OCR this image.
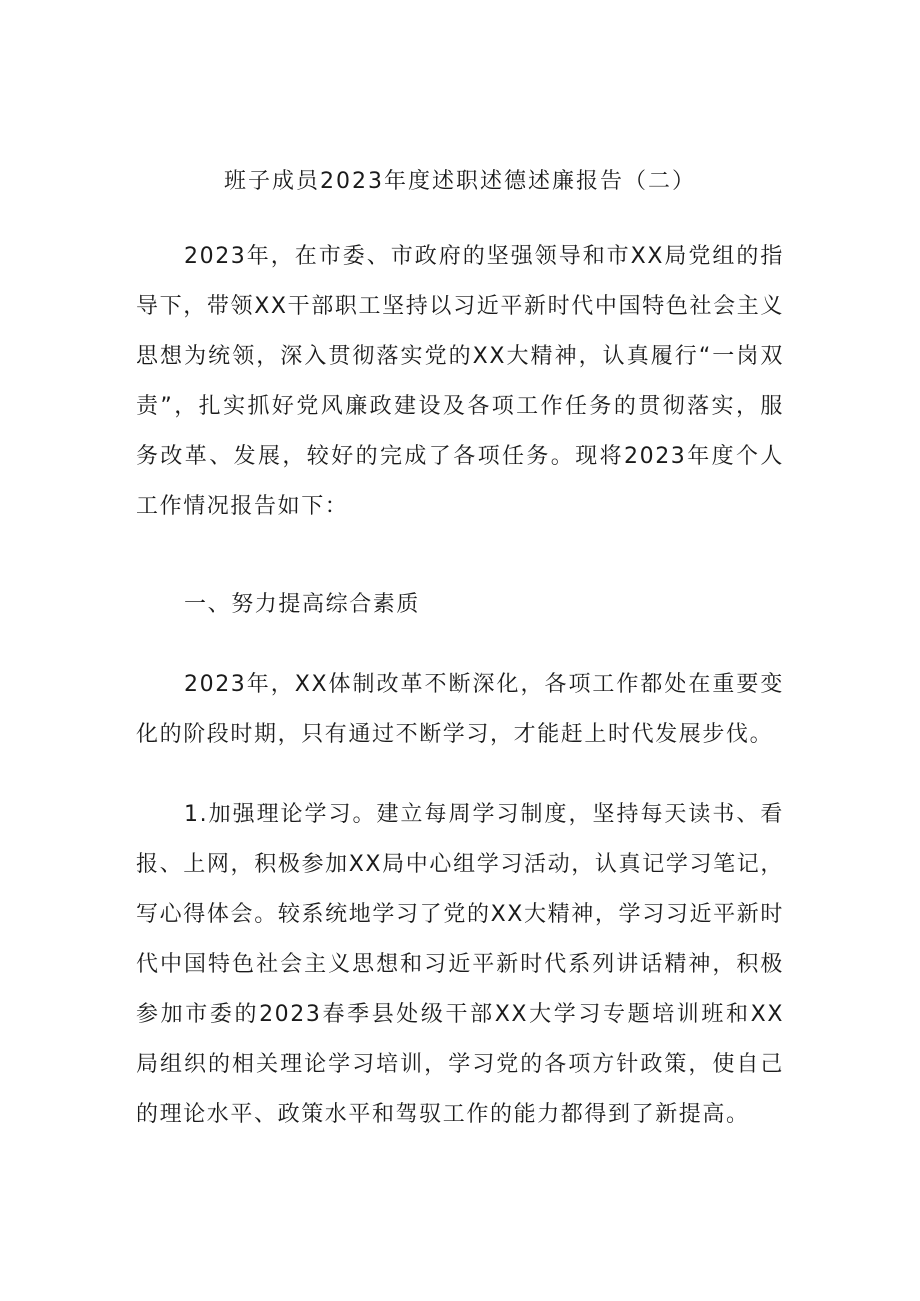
班子成员2023年度述职述德述廉报告（二）

2023年，在市委、市政府的坚强领导和市XX局党组的指导下，带领XX干部职工坚持以习近平新时代中国特色社会主义思想为统领，深入贯彻落实党的XX大精神，认真履行“一岗双责”，扎实抓好党风廉政建设及各项工作任务的贯彻落实，服务改革、发展，较好的完成了各项任务。现将2023年度个人工作情况报告如下：

一、努力提高综合素质

2023年，XX体制改革不断深化，各项工作都处在重要变化的阶段时期，只有通过不断学习，才能赶上时代发展步伐。

1.加强理论学习。建立每周学习制度，坚持每天读书、看报、上网，积极参加XX局中心组学习活动，认真记学习笔记，写心得体会。较系统地学习了党的XX大精神，学习习近平新时代中国特色社会主义思想和习近平新时代系列讲话精神，积极参加市委的2023春季县处级干部XX大学习专题培训班和XX局组织的相关理论学习培训，学习党的各项方针政策，使自己的理论水平、政策水平和驾驭工作的能力都得到了新提高。
